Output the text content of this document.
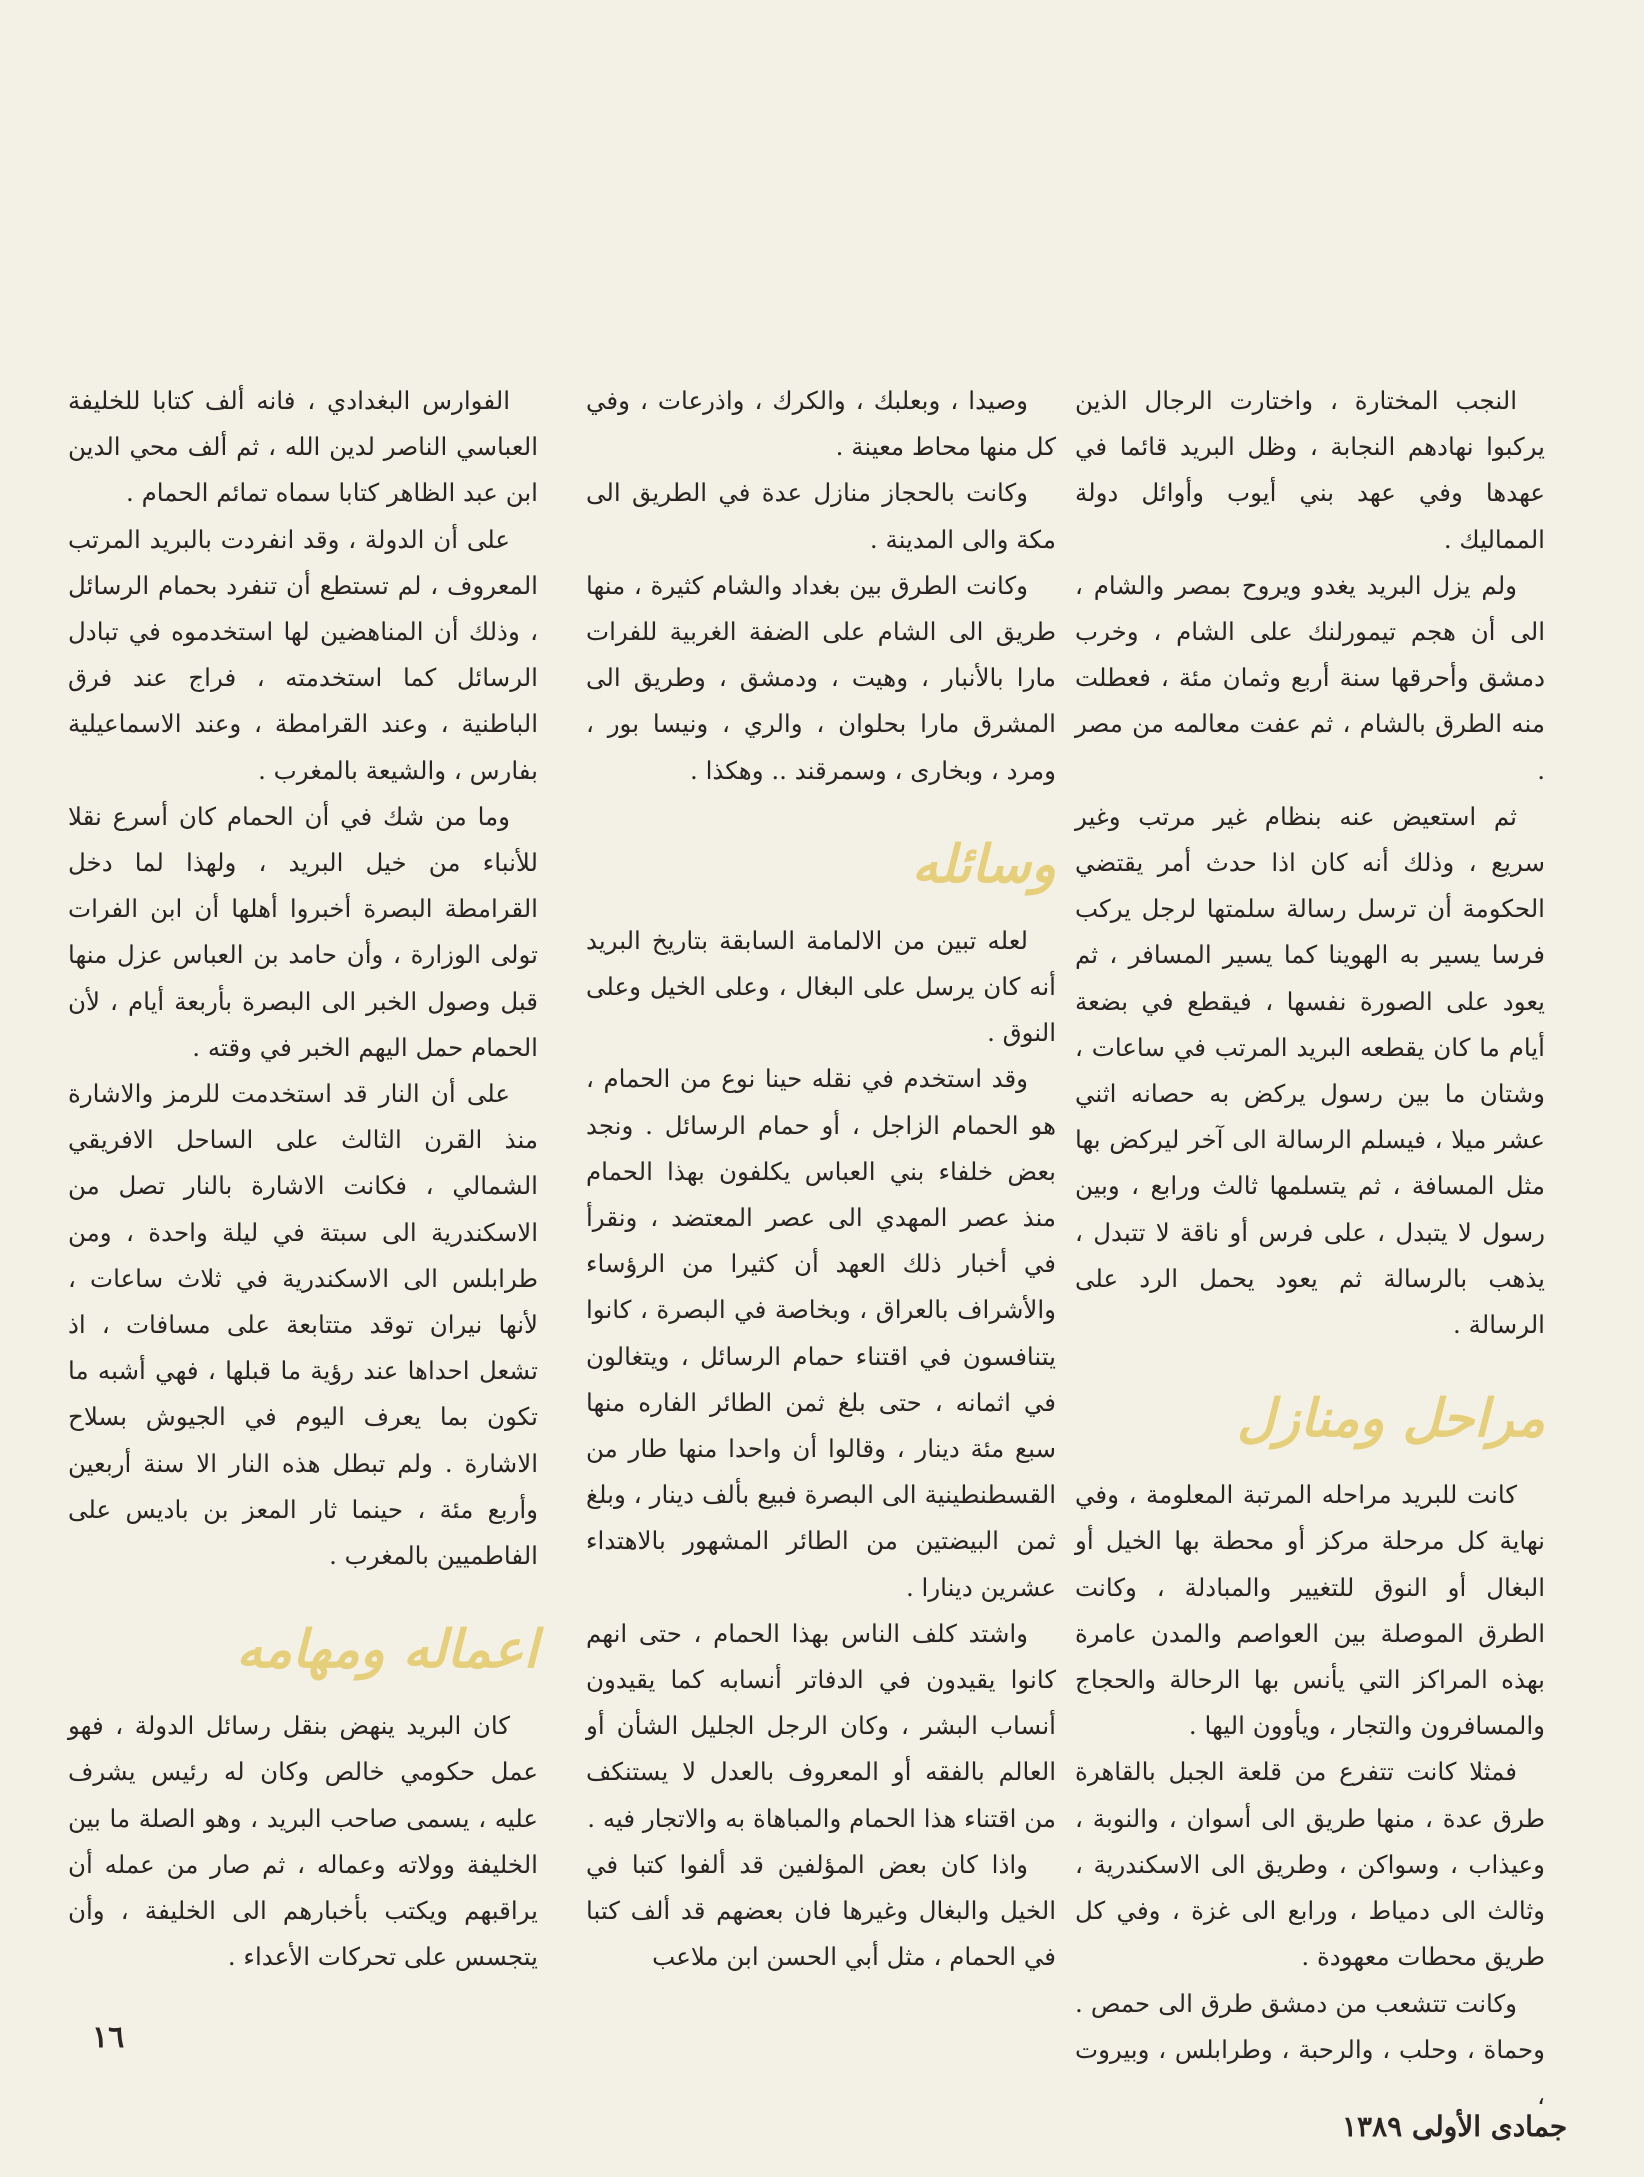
النجب المختارة ، واختارت الرجال الذين يركبوا نهادهم النجابة ، وظل البريد قائما في عهدها وفي عهد بني أيوب وأوائل دولة المماليك .

ولم يزل البريد يغدو ويروح بمصر والشام ، الى أن هجم تيمورلنك على الشام ، وخرب دمشق وأحرقها سنة أربع وثمان مئة ، فعطلت منه الطرق بالشام ، ثم عفت معالمه من مصر .

ثم استعيض عنه بنظام غير مرتب وغير سريع ، وذلك أنه كان اذا حدث أمر يقتضي الحكومة أن ترسل رسالة سلمتها لرجل يركب فرسا يسير به الهوينا كما يسير المسافر ، ثم يعود على الصورة نفسها ، فيقطع في بضعة أيام ما كان يقطعه البريد المرتب في ساعات ، وشتان ما بين رسول يركض به حصانه اثني عشر ميلا ، فيسلم الرسالة الى آخر ليركض بها مثل المسافة ، ثم يتسلمها ثالث ورابع ، وبين رسول لا يتبدل ، على فرس أو ناقة لا تتبدل ، يذهب بالرسالة ثم يعود يحمل الرد على الرسالة .

مراحل ومنازل

كانت للبريد مراحله المرتبة المعلومة ، وفي نهاية كل مرحلة مركز أو محطة بها الخيل أو البغال أو النوق للتغيير والمبادلة ، وكانت الطرق الموصلة بين العواصم والمدن عامرة بهذه المراكز التي يأنس بها الرحالة والحجاج والمسافرون والتجار ، ويأوون اليها .

فمثلا كانت تتفرع من قلعة الجبل بالقاهرة طرق عدة ، منها طريق الى أسوان ، والنوبة ، وعيذاب ، وسواكن ، وطريق الى الاسكندرية ، وثالث الى دمياط ، ورابع الى غزة ، وفي كل طريق محطات معهودة .

وكانت تتشعب من دمشق طرق الى حمص . وحماة ، وحلب ، والرحبة ، وطرابلس ، وبيروت ،

وصيدا ، وبعلبك ، والكرك ، واذرعات ، وفي كل منها محاط معينة .

وكانت بالحجاز منازل عدة في الطريق الى مكة والى المدينة .

وكانت الطرق بين بغداد والشام كثيرة ، منها طريق الى الشام على الضفة الغربية للفرات مارا بالأنبار ، وهيت ، ودمشق ، وطريق الى المشرق مارا بحلوان ، والري ، ونيسا بور ، ومرد ، وبخارى ، وسمرقند .. وهكذا .

وسائله

لعله تبين من الالمامة السابقة بتاريخ البريد أنه كان يرسل على البغال ، وعلى الخيل وعلى النوق .

وقد استخدم في نقله حينا نوع من الحمام ، هو الحمام الزاجل ، أو حمام الرسائل . ونجد بعض خلفاء بني العباس يكلفون بهذا الحمام منذ عصر المهدي الى عصر المعتضد ، ونقرأ في أخبار ذلك العهد أن كثيرا من الرؤساء والأشراف بالعراق ، وبخاصة في البصرة ، كانوا يتنافسون في اقتناء حمام الرسائل ، ويتغالون في اثمانه ، حتى بلغ ثمن الطائر الفاره منها سبع مئة دينار ، وقالوا أن واحدا منها طار من القسطنطينية الى البصرة فبيع بألف دينار ، وبلغ ثمن البيضتين من الطائر المشهور بالاهتداء عشرين دينارا .

واشتد كلف الناس بهذا الحمام ، حتى انهم كانوا يقيدون في الدفاتر أنسابه كما يقيدون أنساب البشر ، وكان الرجل الجليل الشأن أو العالم بالفقه أو المعروف بالعدل لا يستنكف من اقتناء هذا الحمام والمباهاة به والاتجار فيه .

واذا كان بعض المؤلفين قد ألفوا كتبا في الخيل والبغال وغيرها فان بعضهم قد ألف كتبا في الحمام ، مثل أبي الحسن ابن ملاعب

الفوارس البغدادي ، فانه ألف كتابا للخليفة العباسي الناصر لدين الله ، ثم ألف محي الدين ابن عبد الظاهر كتابا سماه تمائم الحمام .

على أن الدولة ، وقد انفردت بالبريد المرتب المعروف ، لم تستطع أن تنفرد بحمام الرسائل ، وذلك أن المناهضين لها استخدموه في تبادل الرسائل كما استخدمته ، فراج عند فرق الباطنية ، وعند القرامطة ، وعند الاسماعيلية بفارس ، والشيعة بالمغرب .

وما من شك في أن الحمام كان أسرع نقلا للأنباء من خيل البريد ، ولهذا لما دخل القرامطة البصرة أخبروا أهلها أن ابن الفرات تولى الوزارة ، وأن حامد بن العباس عزل منها قبل وصول الخبر الى البصرة بأربعة أيام ، لأن الحمام حمل اليهم الخبر في وقته .

على أن النار قد استخدمت للرمز والاشارة منذ القرن الثالث على الساحل الافريقي الشمالي ، فكانت الاشارة بالنار تصل من الاسكندرية الى سبتة في ليلة واحدة ، ومن طرابلس الى الاسكندرية في ثلاث ساعات ، لأنها نيران توقد متتابعة على مسافات ، اذ تشعل احداها عند رؤية ما قبلها ، فهي أشبه ما تكون بما يعرف اليوم في الجيوش بسلاح الاشارة . ولم تبطل هذه النار الا سنة أربعين وأربع مئة ، حينما ثار المعز بن باديس على الفاطميين بالمغرب .

اعماله ومهامه

كان البريد ينهض بنقل رسائل الدولة ، فهو عمل حكومي خالص وكان له رئيس يشرف عليه ، يسمى صاحب البريد ، وهو الصلة ما بين الخليفة وولاته وعماله ، ثم صار من عمله أن يراقبهم ويكتب بأخبارهم الى الخليفة ، وأن يتجسس على تحركات الأعداء .

١٦
جمادى الأولى ١٣٨٩
